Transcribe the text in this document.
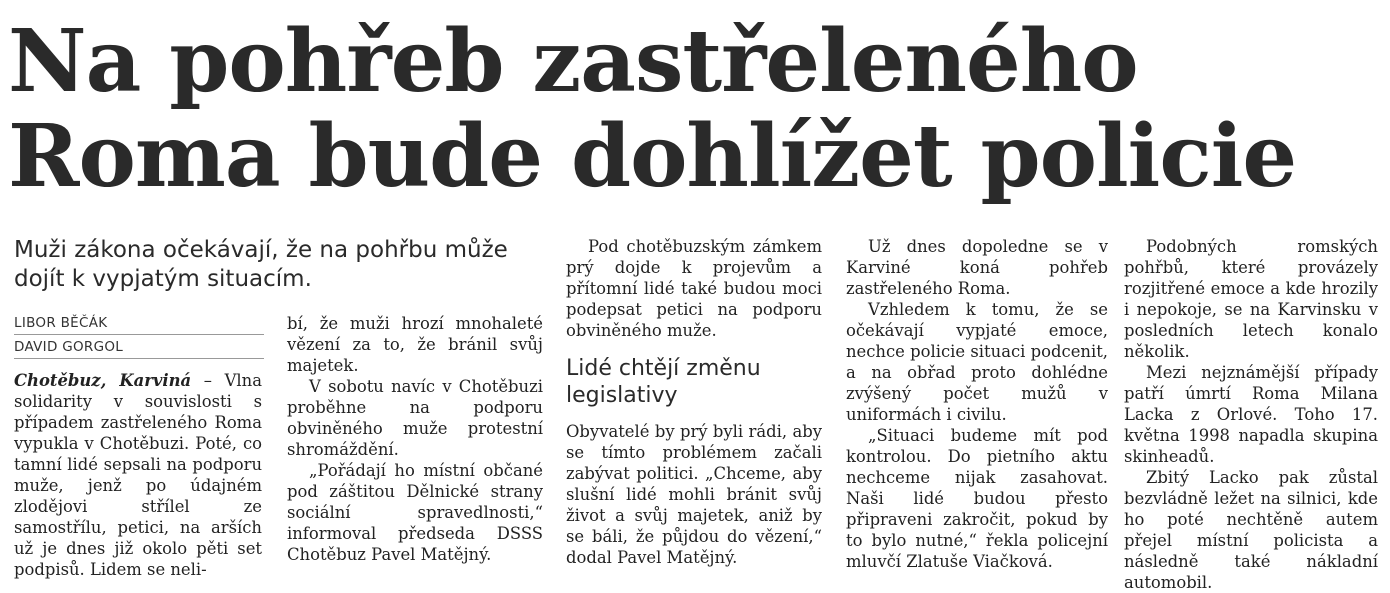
Na pohřeb zastřeleného
Roma bude dohlížet policie
Muži zákona očekávají, že na pohřbu může dojít k vypjatým situacím.
LIBOR BĚČÁK
DAVID GORGOL

Chotěbuz, Karviná – Vlna solidarity v souvislosti s případem zastřeleného Roma vypukla v Chotěbuzi. Poté, co tamní lidé sepsali na podporu muže, jenž po údajném zlodějovi střílel ze samostřílu, petici, na arších už je dnes již okolo pěti set podpisů. Lidem se neli-

bí, že muži hrozí mnohaleté vězení za to, že bránil svůj majetek.

V sobotu navíc v Chotěbuzi proběhne na podporu obviněného muže protestní shromáždění.

„Pořádají ho místní občané pod záštitou Dělnické strany sociální spravedlnosti,“ informoval předseda DSSS Chotěbuz Pavel Matějný.

Pod chotěbuzským zámkem prý dojde k projevům a přítomní lidé také budou moci podepsat petici na podporu obviněného muže.

Lidé chtějí změnu legislativy

Obyvatelé by prý byli rádi, aby se tímto problémem začali zabývat politici. „Chceme, aby slušní lidé mohli bránit svůj život a svůj majetek, aniž by se báli, že půjdou do vězení,“ dodal Pavel Matějný.

Už dnes dopoledne se v Karviné koná pohřeb zastřeleného Roma.

Vzhledem k tomu, že se očekávají vypjaté emoce, nechce policie situaci podcenit, a na obřad proto dohlédne zvýšený počet mužů v uniformách i civilu.

„Situaci budeme mít pod kontrolou. Do pietního aktu nechceme nijak zasahovat. Naši lidé budou přesto připraveni zakročit, pokud by to bylo nutné,“ řekla policejní mluvčí Zlatuše Viačková.

Podobných romských pohřbů, které provázely rozjitřené emoce a kde hrozily i nepokoje, se na Karvinsku v posledních letech konalo několik.

Mezi nejznámější případy patří úmrtí Roma Milana Lacka z Orlové. Toho 17. května 1998 napadla skupina skinheadů.

Zbitý Lacko pak zůstal bezvládně ležet na silnici, kde ho poté nechtěně autem přejel místní policista a následně také nákladní automobil.
